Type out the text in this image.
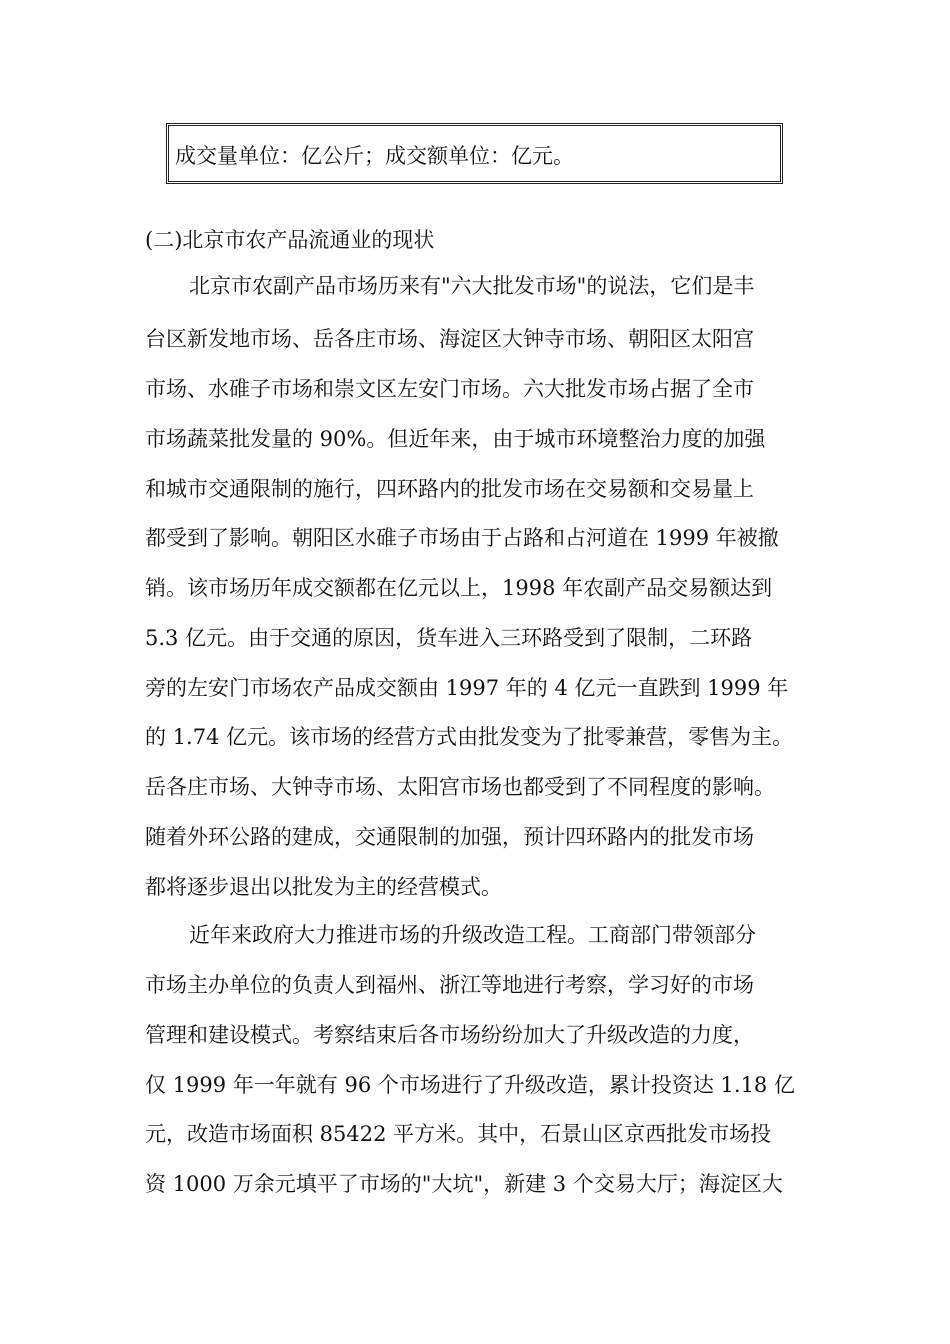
成交量单位：亿公斤；成交额单位：亿元。
(二)北京市农产品流通业的现状
北京市农副产品市场历来有"六大批发市场"的说法，它们是丰
台区新发地市场、岳各庄市场、海淀区大钟寺市场、朝阳区太阳宫
市场、水碓子市场和崇文区左安门市场。六大批发市场占据了全市
市场蔬菜批发量的 90%。但近年来，由于城市环境整治力度的加强
和城市交通限制的施行，四环路内的批发市场在交易额和交易量上
都受到了影响。朝阳区水碓子市场由于占路和占河道在 1999 年被撤
销。该市场历年成交额都在亿元以上，1998 年农副产品交易额达到
5.3 亿元。由于交通的原因，货车进入三环路受到了限制，二环路
旁的左安门市场农产品成交额由 1997 年的 4 亿元一直跌到 1999 年
的 1.74 亿元。该市场的经营方式由批发变为了批零兼营，零售为主。
岳各庄市场、大钟寺市场、太阳宫市场也都受到了不同程度的影响。
随着外环公路的建成，交通限制的加强，预计四环路内的批发市场
都将逐步退出以批发为主的经营模式。
近年来政府大力推进市场的升级改造工程。工商部门带领部分
市场主办单位的负责人到福州、浙江等地进行考察，学习好的市场
管理和建设模式。考察结束后各市场纷纷加大了升级改造的力度，
仅 1999 年一年就有 96 个市场进行了升级改造，累计投资达 1.18 亿
元，改造市场面积 85422 平方米。其中，石景山区京西批发市场投
资 1000 万余元填平了市场的"大坑"，新建 3 个交易大厅；海淀区大
